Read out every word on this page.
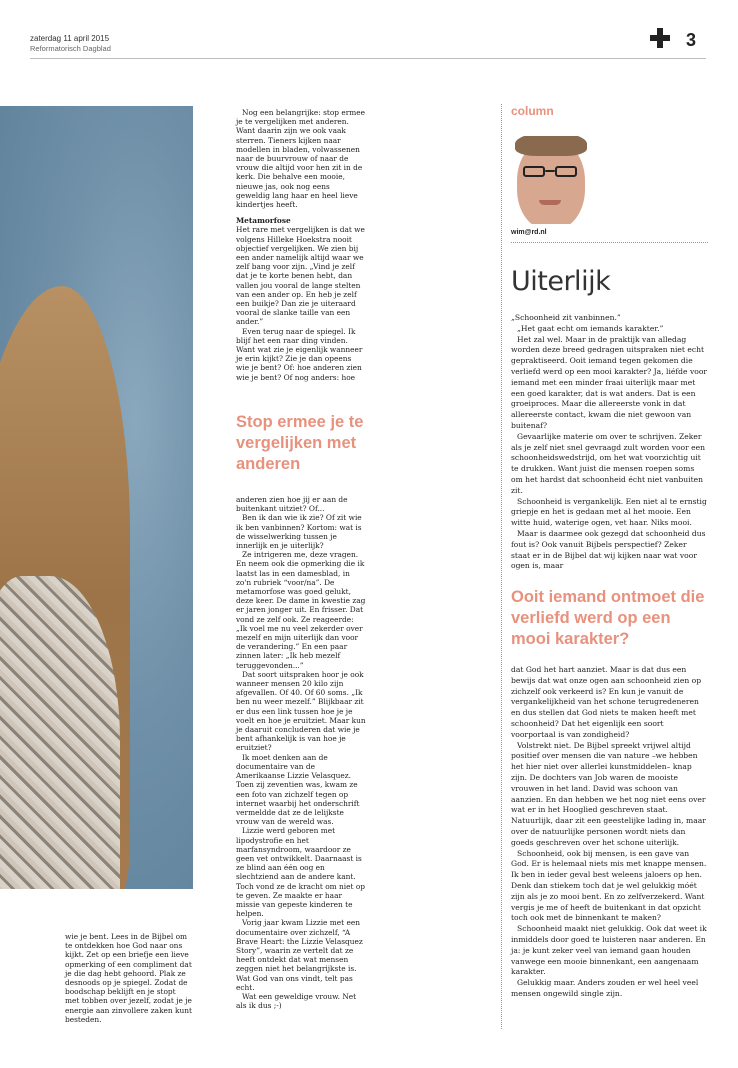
zaterdag 11 april 2015
Reformatorisch Dagblad	3

wie je bent. Lees in de Bijbel om te ontdekken hoe God naar ons kijkt. Zet op een briefje een lieve opmerking of een compliment dat je die dag hebt gehoord. Plak ze desnoods op je spiegel. Zodat de boodschap beklijft en je stopt met tobben over jezelf, zodat je je energie aan zinvollere zaken kunt besteden.

Nog een belangrijke: stop ermee je te vergelijken met anderen. Want daarin zijn we ook vaak sterren. Tieners kijken naar modellen in bladen, volwassenen naar de buurvrouw of naar de vrouw die altijd voor hen zit in de kerk. Die behalve een mooie, nieuwe jas, ook nog eens geweldig lang haar en heel lieve kindertjes heeft.

Metamorfose

Het rare met vergelijken is dat we volgens Hilleke Hoekstra nooit objectief vergelijken. We zien bij een ander namelijk altijd waar we zelf bang voor zijn. „Vind je zelf dat je te korte benen hebt, dan vallen jou vooral de lange stelten van een ander op. En heb je zelf een buikje? Dan zie je uiteraard vooral de slanke taille van een ander.”

Even terug naar de spiegel. Ik blijf het een raar ding vinden. Want wat zie je eigenlijk wanneer je erin kijkt? Zie je dan opeens wie je bent? Of: hoe anderen zien wie je bent? Of nog anders: hoe

Stop ermee je te vergelijken met anderen

anderen zien hoe jij er aan de buitenkant uitziet? Of...

Ben ik dan wie ik zie? Of zit wie ik ben vanbinnen? Kortom: wat is de wisselwerking tussen je innerlijk en je uiterlijk?

Ze intrigeren me, deze vragen. En neem ook die opmerking die ik laatst las in een damesblad, in zo'n rubriek “voor/na”. De metamorfose was goed gelukt, deze keer. De dame in kwestie zag er jaren jonger uit. En frisser. Dat vond ze zelf ook. Ze reageerde: „Ik voel me nu veel zekerder over mezelf en mijn uiterlijk dan voor de verandering.” En een paar zinnen later: „Ik heb mezelf teruggevonden...”

Dat soort uitspraken hoor je ook wanneer mensen 20 kilo zijn afgevallen. Of 40. Of 60 soms. „Ik ben nu weer mezelf.” Blijkbaar zit er dus een link tussen hoe je je voelt en hoe je eruitziet. Maar kun je daaruit concluderen dat wie je bent afhankelijk is van hoe je eruitziet?

Ik moet denken aan de documentaire van de Amerikaanse Lizzie Velasquez. Toen zij zeventien was, kwam ze een foto van zichzelf tegen op internet waarbij het onderschrift vermeldde dat ze de lelijkste vrouw van de wereld was.

Lizzie werd geboren met lipodystrofie en het marfansyndroom, waardoor ze geen vet ontwikkelt. Daarnaast is ze blind aan één oog en slechtziend aan de andere kant. Toch vond ze de kracht om niet op te geven. Ze maakte er haar missie van gepeste kinderen te helpen.

Vorig jaar kwam Lizzie met een documentaire over zichzelf, “A Brave Heart: the Lizzie Velasquez Story”, waarin ze vertelt dat ze heeft ontdekt dat wat mensen zeggen niet het belangrijkste is. Wat God van ons vindt, telt pas echt.

Wat een geweldige vrouw. Net als ik dus ;-)

column
wim@rd.nl
Uiterlijk

„Schoonheid zit vanbinnen.”

„Het gaat echt om iemands karakter.”

Het zal wel. Maar in de praktijk van alledag worden deze breed gedragen uitspraken niet echt gepraktiseerd. Ooit iemand tegen gekomen die verliefd werd op een mooi karakter? Ja, liéfde voor iemand met een minder fraai uiterlijk maar met een goed karakter, dat is wat anders. Dat is een groeiproces. Maar die allereerste vonk in dat allereerste contact, kwam die niet gewoon van buitenaf?

Gevaarlijke materie om over te schrijven. Zeker als je zelf niet snel gevraagd zult worden voor een schoonheidswedstrijd, om het wat voorzichtig uit te drukken. Want juist die mensen roepen soms om het hardst dat schoonheid écht niet vanbuiten zit.

Schoonheid is vergankelijk. Een niet al te ernstig griepje en het is gedaan met al het mooie. Een witte huid, waterige ogen, vet haar. Niks mooi.

Maar is daarmee ook gezegd dat schoonheid dus fout is? Ook vanuit Bijbels perspectief? Zeker staat er in de Bijbel dat wij kijken naar wat voor ogen is, maar

Ooit iemand ontmoet die verliefd werd op een mooi karakter?

dat God het hart aanziet. Maar is dat dus een bewijs dat wat onze ogen aan schoonheid zien op zichzelf ook verkeerd is? En kun je vanuit de vergankelijkheid van het schone terugredeneren en dus stellen dat God niets te maken heeft met schoonheid? Dat het eigenlijk een soort voorportaal is van zondigheid?

Volstrekt niet. De Bijbel spreekt vrijwel altijd positief over mensen die van nature –we hebben het hier niet over allerlei kunstmiddelen– knap zijn. De dochters van Job waren de mooiste vrouwen in het land. David was schoon van aanzien. En dan hebben we het nog niet eens over wat er in het Hooglied geschreven staat. Natuurlijk, daar zit een geestelijke lading in, maar over de natuurlijke personen wordt niets dan goeds geschreven over het schone uiterlijk.

Schoonheid, ook bij mensen, is een gave van God. Er is helemaal niets mis met knappe mensen. Ik ben in ieder geval best weleens jaloers op hen. Denk dan stiekem toch dat je wel gelukkig móét zijn als je zo mooi bent. En zo zelfverzekerd. Want vergis je me of heeft de buitenkant in dat opzicht toch ook met de binnenkant te maken?

Schoonheid maakt niet gelukkig. Ook dat weet ik inmiddels door goed te luisteren naar anderen. En ja: je kunt zeker veel van iemand gaan houden vanwege een mooie binnenkant, een aangenaam karakter.

Gelukkig maar. Anders zouden er wel heel veel mensen ongewild single zijn.
